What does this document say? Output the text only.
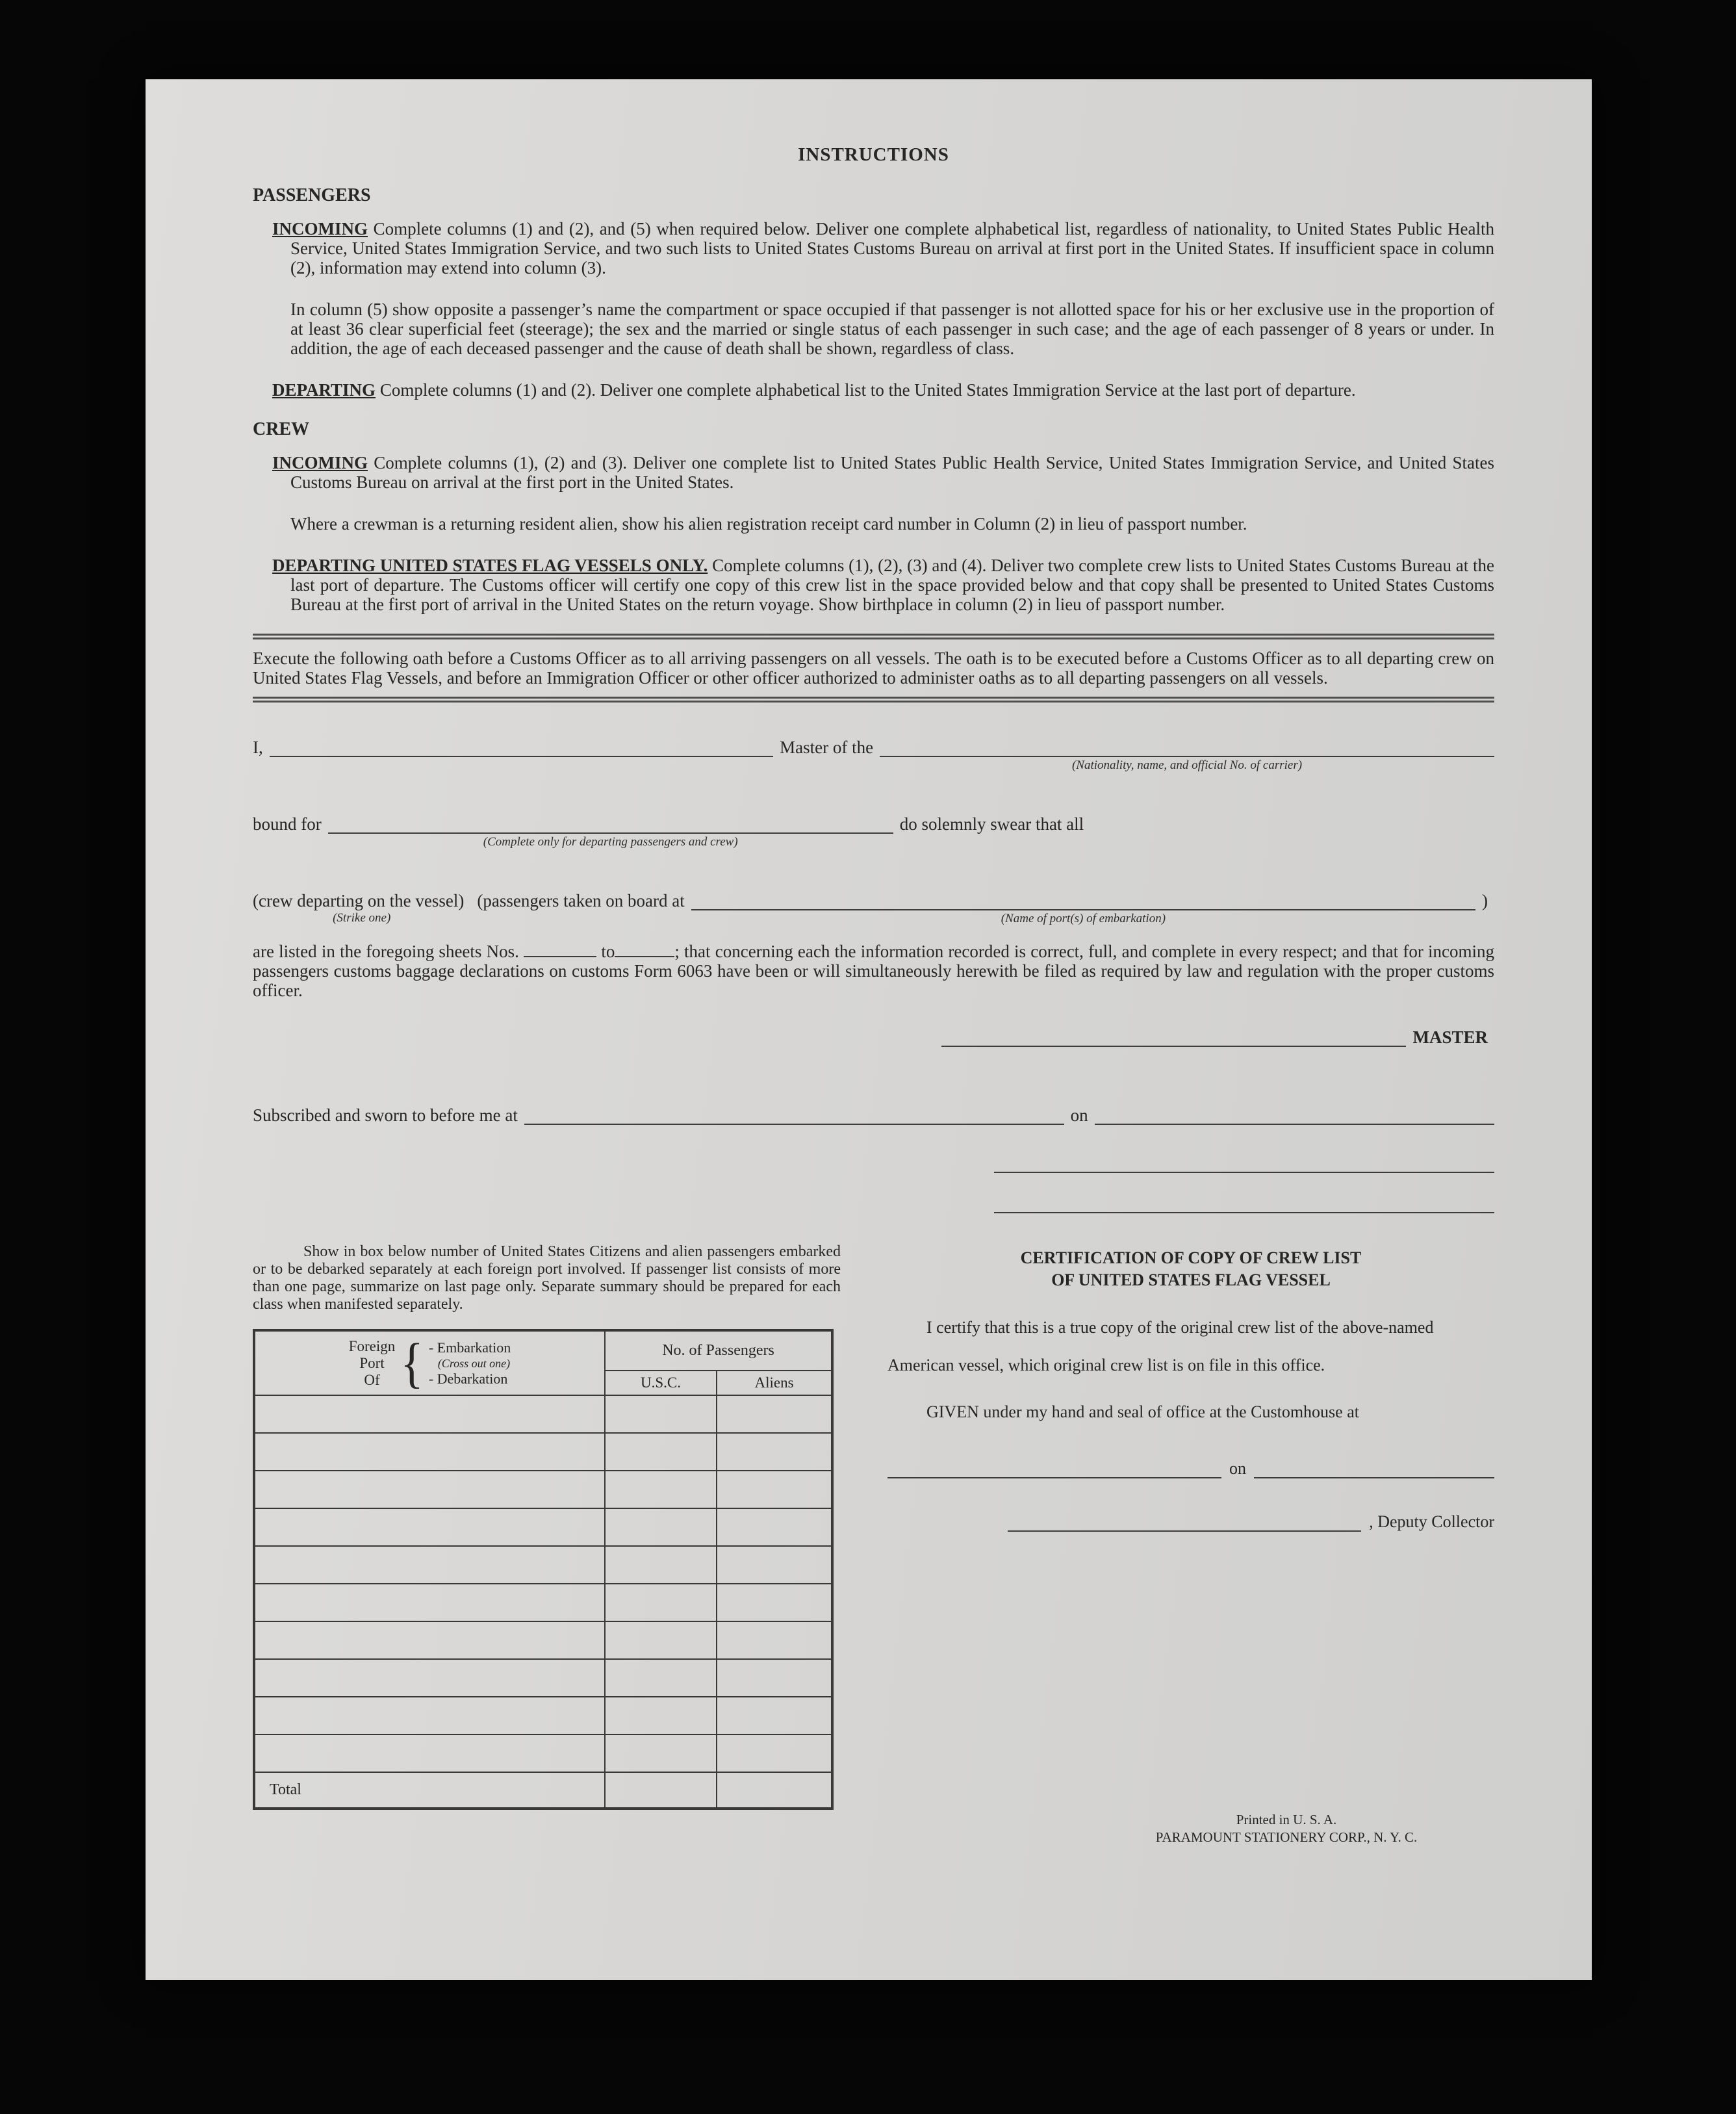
INSTRUCTIONS
PASSENGERS

INCOMING Complete columns (1) and (2), and (5) when required below. Deliver one complete alphabetical list, regardless of nationality, to United States Public Health Service, United States Immigration Service, and two such lists to United States Customs Bureau on arrival at first port in the United States. If insufficient space in column (2), information may extend into column (3).

In column (5) show opposite a passenger’s name the compartment or space occupied if that passenger is not allotted space for his or her exclusive use in the proportion of at least 36 clear superficial feet (steerage); the sex and the married or single status of each passenger in such case; and the age of each passenger of 8 years or under. In addition, the age of each deceased passenger and the cause of death shall be shown, regardless of class.

DEPARTING Complete columns (1) and (2). Deliver one complete alphabetical list to the United States Immigration Service at the last port of departure.

CREW

INCOMING Complete columns (1), (2) and (3). Deliver one complete list to United States Public Health Service, United States Immigration Service, and United States Customs Bureau on arrival at the first port in the United States.

Where a crewman is a returning resident alien, show his alien registration receipt card number in Column (2) in lieu of passport number.

DEPARTING UNITED STATES FLAG VESSELS ONLY. Complete columns (1), (2), (3) and (4). Deliver two complete crew lists to United States Customs Bureau at the last port of departure. The Customs officer will certify one copy of this crew list in the space provided below and that copy shall be presented to United States Customs Bureau at the first port of arrival in the United States on the return voyage. Show birthplace in column (2) in lieu of passport number.

Execute the following oath before a Customs Officer as to all arriving passengers on all vessels. The oath is to be executed before a Customs Officer as to all departing crew on United States Flag Vessels, and before an Immigration Officer or other officer authorized to administer oaths as to all departing passengers on all vessels.

I,	Master of the
(Nationality, name, and official No. of carrier)
bound for
(Complete only for departing passengers and crew)
do solemnly swear that all
(crew departing on the vessel)
(Strike one)
(passengers taken on board at
(Name of port(s) of embarkation)
)

are listed in the foregoing sheets Nos.	to	; that concerning each the information recorded is correct, full, and complete in every respect; and that for incoming passengers customs baggage declarations on customs Form 6063 have been or will simultaneously herewith be filed as required by law and regulation with the proper customs officer.

MASTER
Subscribed and sworn to before me at	on

Show in box below number of United States Citizens and alien passengers embarked or to be debarked separately at each foreign port involved. If passenger list consists of more than one page, summarize on last page only. Separate summary should be prepared for each class when manifested separately.

Foreign
Port
Of { - Embarkation
(Cross out one)
- Debarkation
	No. of Passengers
	U.S.C.	Aliens

Total		
CERTIFICATION OF COPY OF CREW LIST
OF UNITED STATES FLAG VESSEL

I certify that this is a true copy of the original crew list of the above-named

American vessel, which original crew list is on file in this office.

GIVEN under my hand and seal of office at the Customhouse at

on
, Deputy Collector
Printed in U. S. A.
PARAMOUNT STATIONERY CORP., N. Y. C.
